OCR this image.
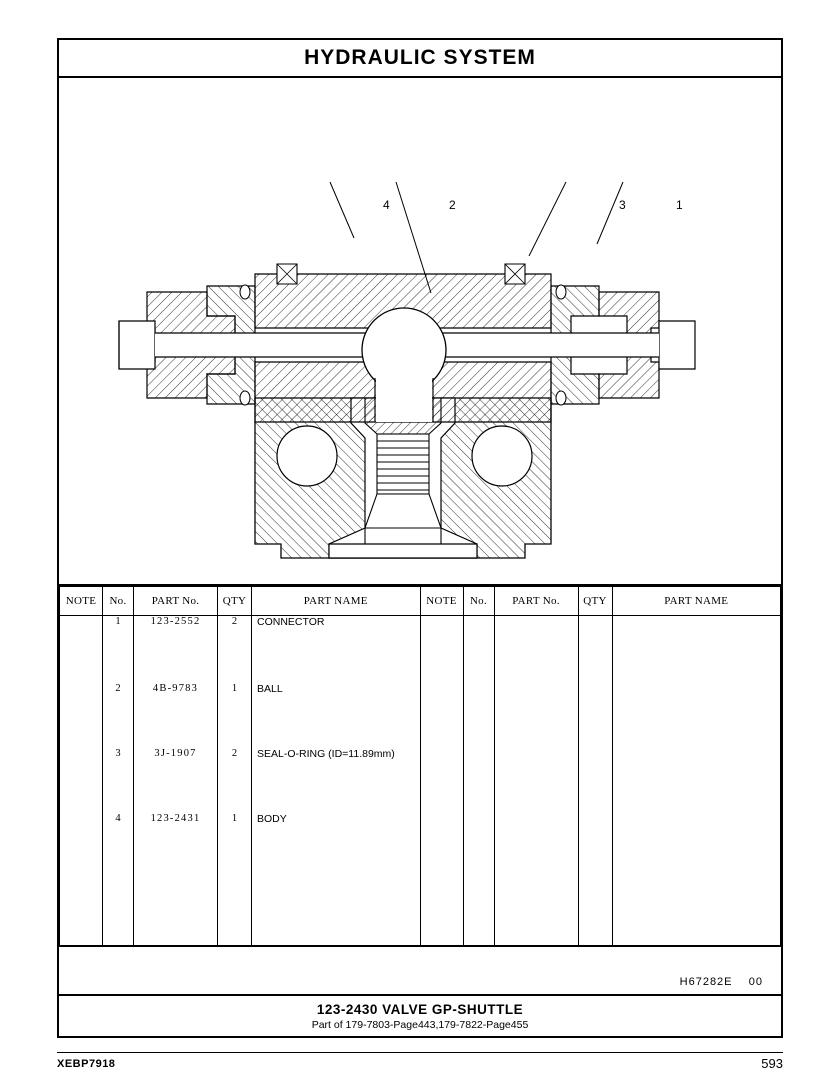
HYDRAULIC SYSTEM
4	2	3	1
NOTE	No.	PART No.	QTY	PART NAME	NOTE	No.	PART No.	QTY	PART NAME
	1	123-2552	2	CONNECTOR					
	2	4B-9783	1	BALL					
	3	3J-1907	2	SEAL-O-RING (ID=11.89mm)					
	4	123-2431	1	BODY					

H67282E 00
123-2430 VALVE GP-SHUTTLE
Part of 179-7803-Page443,179-7822-Page455
XEBP7918	593
